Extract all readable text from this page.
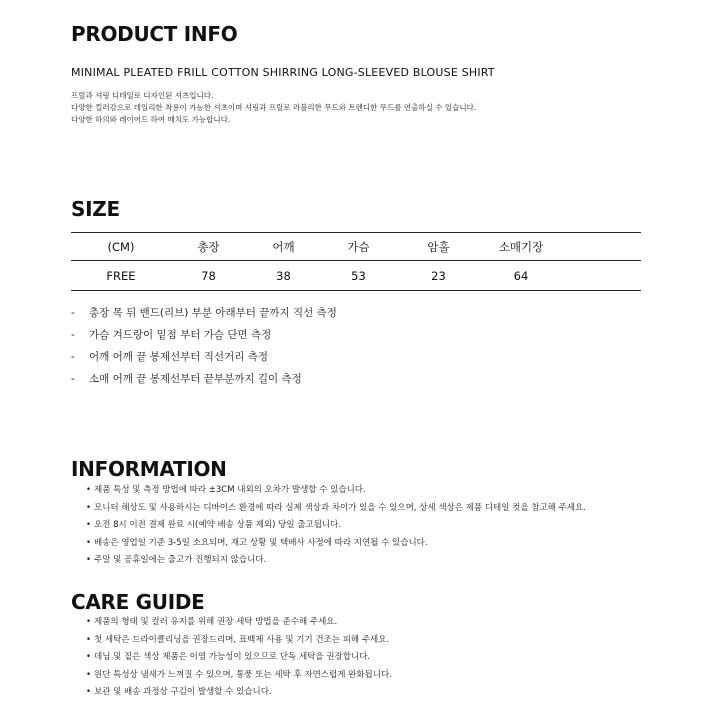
PRODUCT INFO
MINIMAL PLEATED FRILL COTTON SHIRRING LONG-SLEEVED BLOUSE SHIRT
프릴과 셔링 디테일로 디자인된 셔츠입니다.
다양한 컬러감으로 데일리한 착용이 가능한 셔츠이며 셔링과 프릴로 러블리한 무드와 트렌디한 무드를 연출하실 수 있습니다.
다양한 하의와 레이어드 하여 매치도 가능합니다.
SIZE
(CM)	총장	어깨	가슴	암홀	소매기장	
FREE	78	38	53	23	64	
- 총장 목 뒤 밴드(리브) 부분 아래부터 끝까지 직선 측정
- 가슴 겨드랑이 밑점 부터 가슴 단면 측정
- 어깨 어깨 끝 봉제선부터 직선거리 측정
- 소매 어깨 끝 봉제선부터 끝부분까지 길이 측정
INFORMATION
• 제품 특성 및 측정 방법에 따라 ±3CM 내외의 오차가 발생할 수 있습니다.
• 모니터 해상도 및 사용하시는 디바이스 환경에 따라 실제 색상과 차이가 있을 수 있으며, 상세 색상은 제품 디테일 컷을 참고해 주세요.
• 오전 8시 이전 결제 완료 시(예약 배송 상품 제외) 당일 출고됩니다.
• 배송은 영업일 기준 3-5일 소요되며, 재고 상황 및 택배사 사정에 따라 지연될 수 있습니다.
• 주말 및 공휴일에는 출고가 진행되지 않습니다.
CARE GUIDE
• 제품의 형태 및 컬러 유지를 위해 권장 세탁 방법을 준수해 주세요.
• 첫 세탁은 드라이클리닝을 권장드리며, 표백제 사용 및 기기 건조는 피해 주세요.
• 데님 및 짙은 색상 제품은 이염 가능성이 있으므로 단독 세탁을 권장합니다.
• 원단 특성상 냄새가 느껴질 수 있으며, 통풍 또는 세탁 후 자연스럽게 완화됩니다.
• 보관 및 배송 과정상 구김이 발생할 수 있습니다.
